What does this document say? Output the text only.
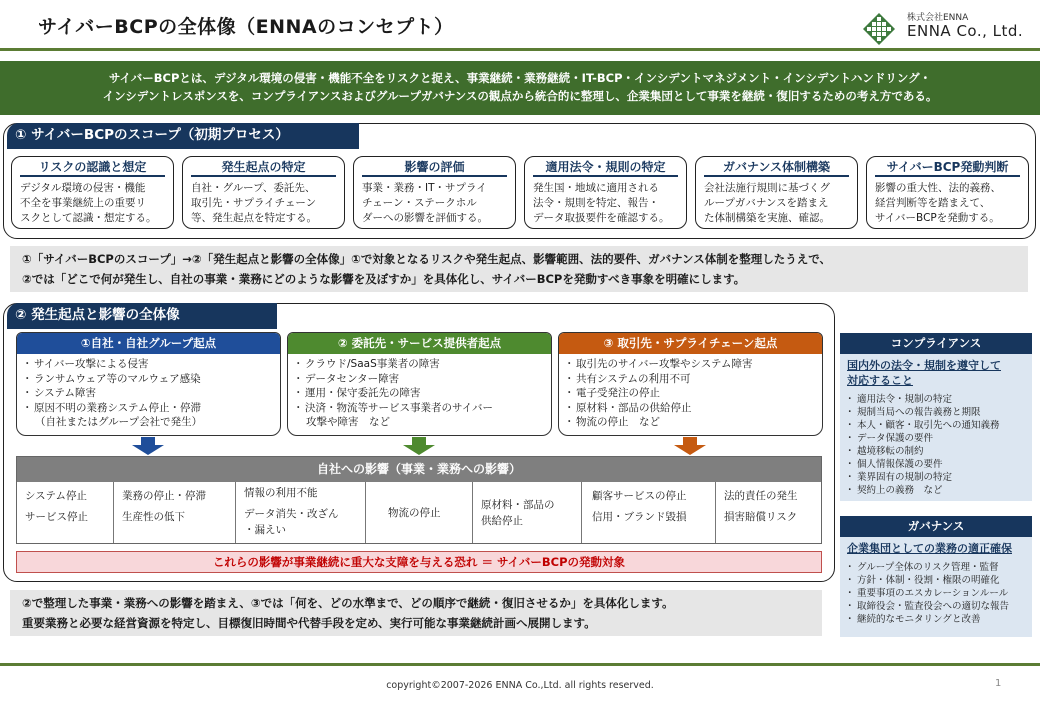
サイバーBCPの全体像（ENNAのコンセプト）	株式会社ENNA
ENNA Co., Ltd.
サイバーBCPとは、デジタル環境の侵害・機能不全をリスクと捉え、事業継続・業務継続・IT-BCP・インシデントマネジメント・インシデントハンドリング・
インシデントレスポンスを、コンプライアンスおよびグループガバナンスの観点から統合的に整理し、企業集団として事業を継続・復旧するための考え方である。
① サイバーBCPのスコープ（初期プロセス）
リスクの認識と想定
デジタル環境の侵害・機能
不全を事業継続上の重要リ
スクとして認識・想定する。
発生起点の特定
自社・グループ、委託先、
取引先・サプライチェーン
等、発生起点を特定する。
影響の評価
事業・業務・IT・サプライ
チェーン・ステークホル
ダーへの影響を評価する。
適用法令・規則の特定
発生国・地域に適用される
法令・規則を特定、報告・
データ取扱要件を確認する。
ガバナンス体制構築
会社法施行規則に基づくグ
ループガバナンスを踏まえ
た体制構築を実施、確認。
サイバーBCP発動判断
影響の重大性、法的義務、
経営判断等を踏まえて、
サイバーBCPを発動する。
①「サイバーBCPのスコープ」→②「発生起点と影響の全体像」①で対象となるリスクや発生起点、影響範囲、法的要件、ガバナンス体制を整理したうえで、
②では「どこで何が発生し、自社の事業・業務にどのような影響を及ぼすか」を具体化し、サイバーBCPを発動すべき事象を明確にします。
② 発生起点と影響の全体像
①自社・自社グループ起点
・ サイバー攻撃による侵害
・ ランサムウェア等のマルウェア感染
・ システム障害
・ 原因不明の業務システム停止・停滞
（自社またはグループ会社で発生）
② 委託先・サービス提供者起点
・ クラウド/SaaS事業者の障害
・ データセンター障害
・ 運用・保守委託先の障害
・ 決済・物流等サービス事業者のサイバー
攻撃や障害　など
③ 取引先・サプライチェーン起点
・ 取引先のサイバー攻撃やシステム障害
・ 共有システムの利用不可
・ 電子受発注の停止
・ 原材料・部品の供給停止
・ 物流の停止　など
自社への影響（事業・業務への影響）
システム停止
サービス停止
業務の停止・停滞
生産性の低下
情報の利用不能
データ消失・改ざん
・漏えい
物流の停止
原材料・部品の
供給停止
顧客サービスの停止
信用・ブランド毀損
法的責任の発生
損害賠償リスク
これらの影響が事業継続に重大な支障を与える恐れ ＝ サイバーBCPの発動対象
②で整理した事業・業務への影響を踏まえ、③では「何を、どの水準まで、どの順序で継続・復旧させるか」を具体化します。
重要業務と必要な経営資源を特定し、目標復旧時間や代替手段を定め、実行可能な事業継続計画へ展開します。
コンプライアンス
国内外の法令・規制を遵守して
対応すること
・ 適用法令・規制の特定
・ 規制当局への報告義務と期限
・ 本人・顧客・取引先への通知義務
・ データ保護の要件
・ 越境移転の制約
・ 個人情報保護の要件
・ 業界固有の規制の特定
・ 契約上の義務　など
ガバナンス
企業集団としての業務の適正確保
・ グループ全体のリスク管理・監督
・ 方針・体制・役割・権限の明確化
・ 重要事項のエスカレーションルール
・ 取締役会・監査役会への適切な報告
・ 継続的なモニタリングと改善
copyright©2007-2026 ENNA Co.,Ltd. all rights reserved.	1
